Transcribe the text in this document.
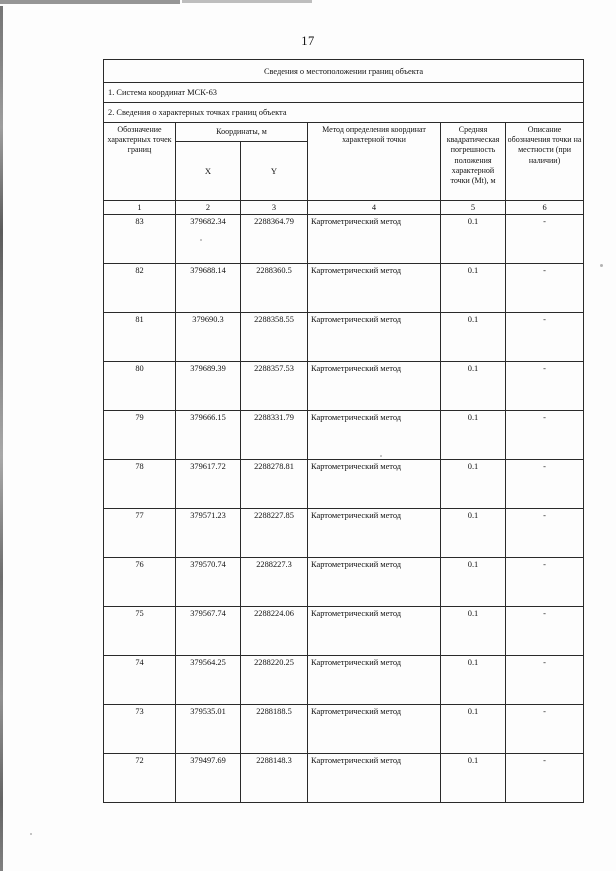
17
Сведения о местоположении границ объекта					
1. Система координат МСК-63					
2. Сведения о характерных точках границ объекта					
Обозначение характерных точек границ	Координаты, м		Метод определения координат характерной точки	Средняя квадратическая погрешность положения характерной точки (Mt), м	Описание обозначения точки на местности (при наличии)
	X	Y			
1	2	3	4	5	6
83	379682.34	2288364.79	Картометрический метод	0.1	-
82	379688.14	2288360.5	Картометрический метод	0.1	-
81	379690.3	2288358.55	Картометрический метод	0.1	-
80	379689.39	2288357.53	Картометрический метод	0.1	-
79	379666.15	2288331.79	Картометрический метод	0.1	-
78	379617.72	2288278.81	Картометрический метод	0.1	-
77	379571.23	2288227.85	Картометрический метод	0.1	-
76	379570.74	2288227.3	Картометрический метод	0.1	-
75	379567.74	2288224.06	Картометрический метод	0.1	-
74	379564.25	2288220.25	Картометрический метод	0.1	-
73	379535.01	2288188.5	Картометрический метод	0.1	-
72	379497.69	2288148.3	Картометрический метод	0.1	-
